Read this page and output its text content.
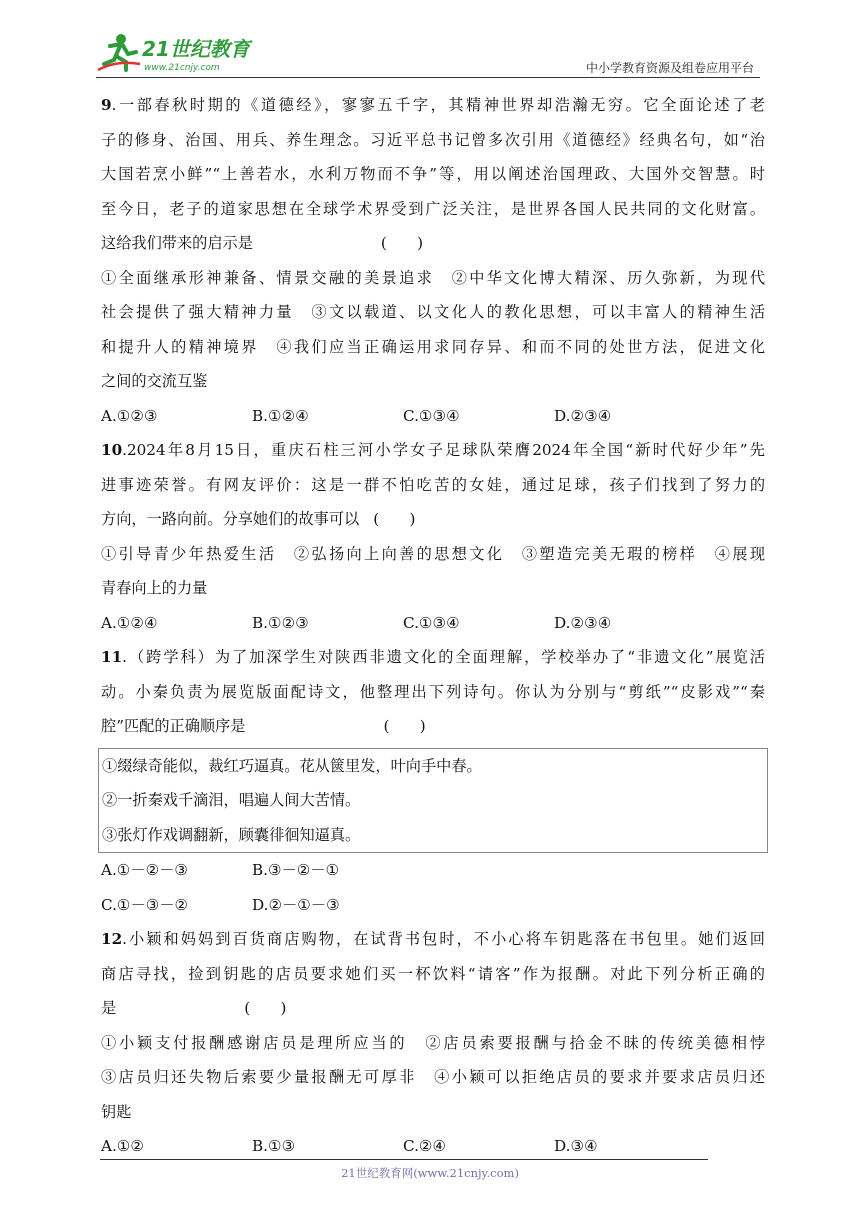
21世纪教育
www.21cnjy.com	中小学教育资源及组卷应用平台
9.一部春秋时期的《道德经》，寥寥五千字，其精神世界却浩瀚无穷。它全面论述了老
子的修身、治国、用兵、养生理念。习近平总书记曾多次引用《道德经》经典名句，如“治
大国若烹小鲜”“上善若水，水利万物而不争”等，用以阐述治国理政、大国外交智慧。时
至今日，老子的道家思想在全球学术界受到广泛关注，是世界各国人民共同的文化财富。
这给我们带来的启示是	(　　)
①全面继承形神兼备、情景交融的美景追求　②中华文化博大精深、历久弥新，为现代
社会提供了强大精神力量　③文以载道、以文化人的教化思想，可以丰富人的精神生活
和提升人的精神境界　④我们应当正确运用求同存异、和而不同的处世方法，促进文化
之间的交流互鉴
A.①②③	B.①②④	C.①③④	D.②③④
10.2024年8月15日，重庆石柱三河小学女子足球队荣膺2024年全国“新时代好少年”先
进事迹荣誉。有网友评价：这是一群不怕吃苦的女娃，通过足球，孩子们找到了努力的
方向，一路向前。分享她们的故事可以 (　　)
①引导青少年热爱生活　②弘扬向上向善的思想文化　③塑造完美无瑕的榜样　④展现
青春向上的力量
A.①②④	B.①②③	C.①③④	D.②③④
11.（跨学科）为了加深学生对陕西非遗文化的全面理解，学校举办了“非遗文化”展览活
动。小秦负责为展览版面配诗文，他整理出下列诗句。你认为分别与“剪纸”“皮影戏”“秦
腔”匹配的正确顺序是	(　　)
①缀绿奇能似，裁红巧逼真。花从篋里发，叶向手中春。
②一折秦戏千滴泪，唱遍人间大苦情。
③张灯作戏调翻新，顾囊徘徊知逼真。
A.①－②－③	B.③－②－①
C.①－③－②	D.②－①－③
12.小颖和妈妈到百货商店购物，在试背书包时，不小心将车钥匙落在书包里。她们返回
商店寻找，捡到钥匙的店员要求她们买一杯饮料“请客”作为报酬。对此下列分析正确的
是	(　　)
①小颖支付报酬感谢店员是理所应当的　②店员索要报酬与拾金不昧的传统美德相悖
③店员归还失物后索要少量报酬无可厚非　④小颖可以拒绝店员的要求并要求店员归还
钥匙
A.①②	B.①③	C.②④	D.③④
21世纪教育网(www.21cnjy.com)
